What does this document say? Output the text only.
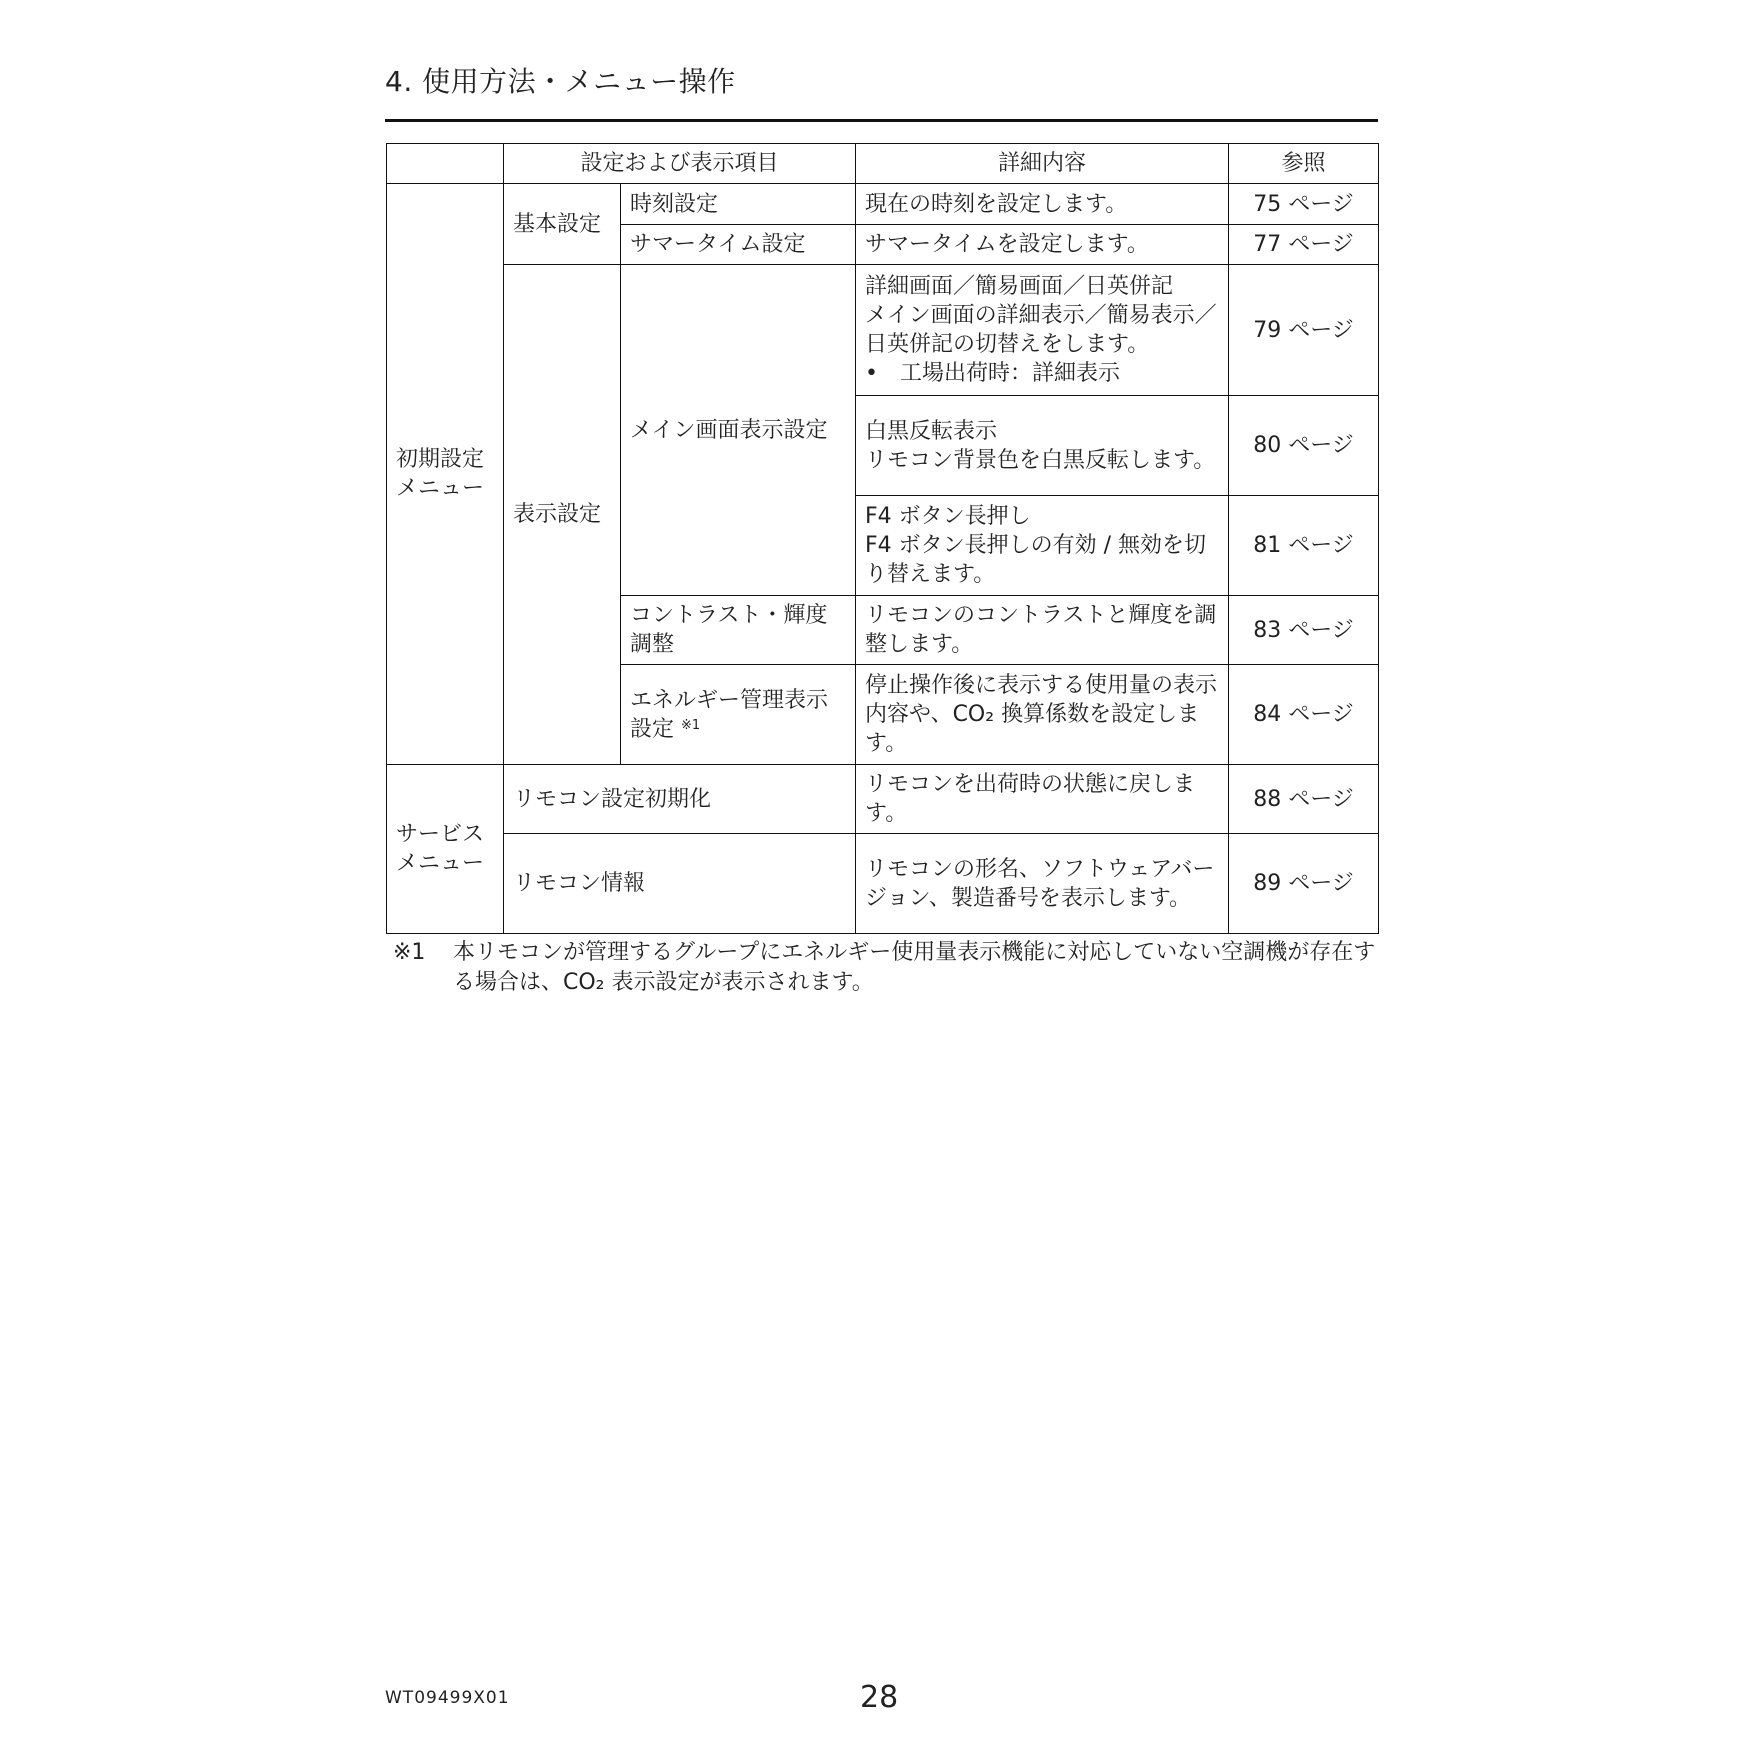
4. 使用方法・メニュー操作
	設定および表示項目		詳細内容	参照
初期設定メニュー	基本設定	時刻設定	現在の時刻を設定します。	75 ページ
		サマータイム設定	サマータイムを設定します。	77 ページ
	表示設定	メイン画面表示設定	詳細画面／簡易画面／日英併記
メイン画面の詳細表示／簡易表示／日英併記の切替えをします。
•　工場出荷時：詳細表示	79 ページ

			白黒反転表示
リモコン背景色を白黒反転します。	80 ページ

			F4 ボタン長押し
F4 ボタン長押しの有効 / 無効を切り替えます。	81 ページ
		コントラスト・輝度調整	リモコンのコントラストと輝度を調整します。	83 ページ
		エネルギー管理表示設定 $^{※1}$	停止操作後に表示する使用量の表示内容や、CO₂ 換算係数を設定します。	84 ページ
サービスメニュー	リモコン設定初期化		リモコンを出荷時の状態に戻します。	88 ページ
	リモコン情報		リモコンの形名、ソフトウェアバージョン、製造番号を表示します。	89 ページ
※1 本リモコンが管理するグループにエネルギー使用量表示機能に対応していない空調機が存在する場合は、CO₂ 表示設定が表示されます。
WT09499X01	28
